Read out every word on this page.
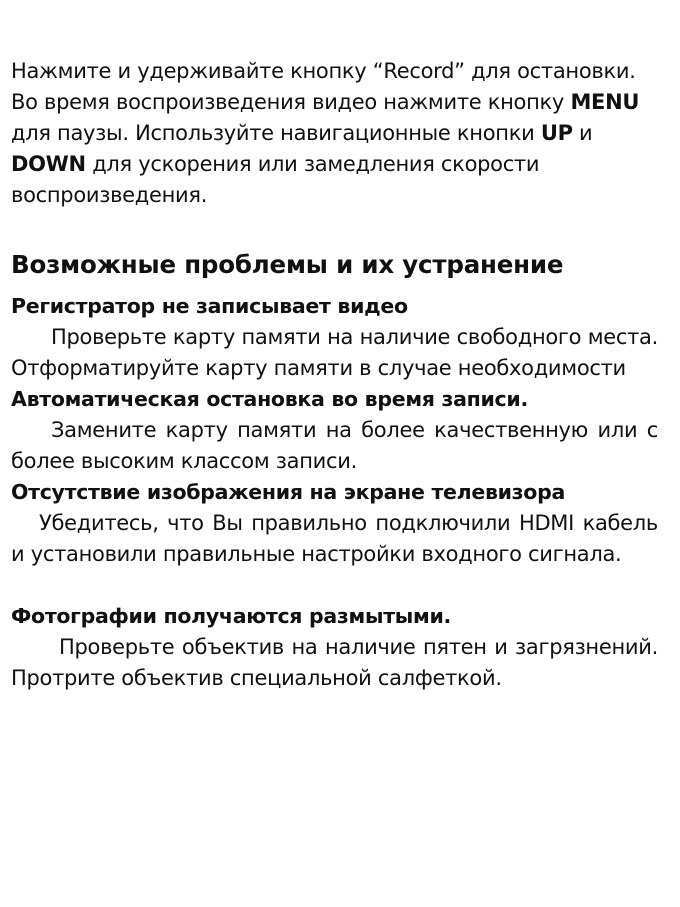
Нажмите и удерживайте кнопку “Record” для остановки. Во время воспроизведения видео нажмите кнопку MENU для паузы. Используйте навигационные кнопки UP и DOWN для ускорения или замедления скорости воспроизведения.

Возможные проблемы и их устранение

Регистратор не записывает видео

Проверьте карту памяти на наличие свободного места. Отформатируйте карту памяти в случае необходимости

Автоматическая остановка во время записи.

Замените карту памяти на более качественную или с более высоким классом записи.

Отсутствие изображения на экране телевизора

Убедитесь, что Вы правильно подключили HDMI кабель и установили правильные настройки входного сигнала.

Фотографии получаются размытыми.

Проверьте объектив на наличие пятен и загрязнений. Протрите объектив специальной салфеткой.
